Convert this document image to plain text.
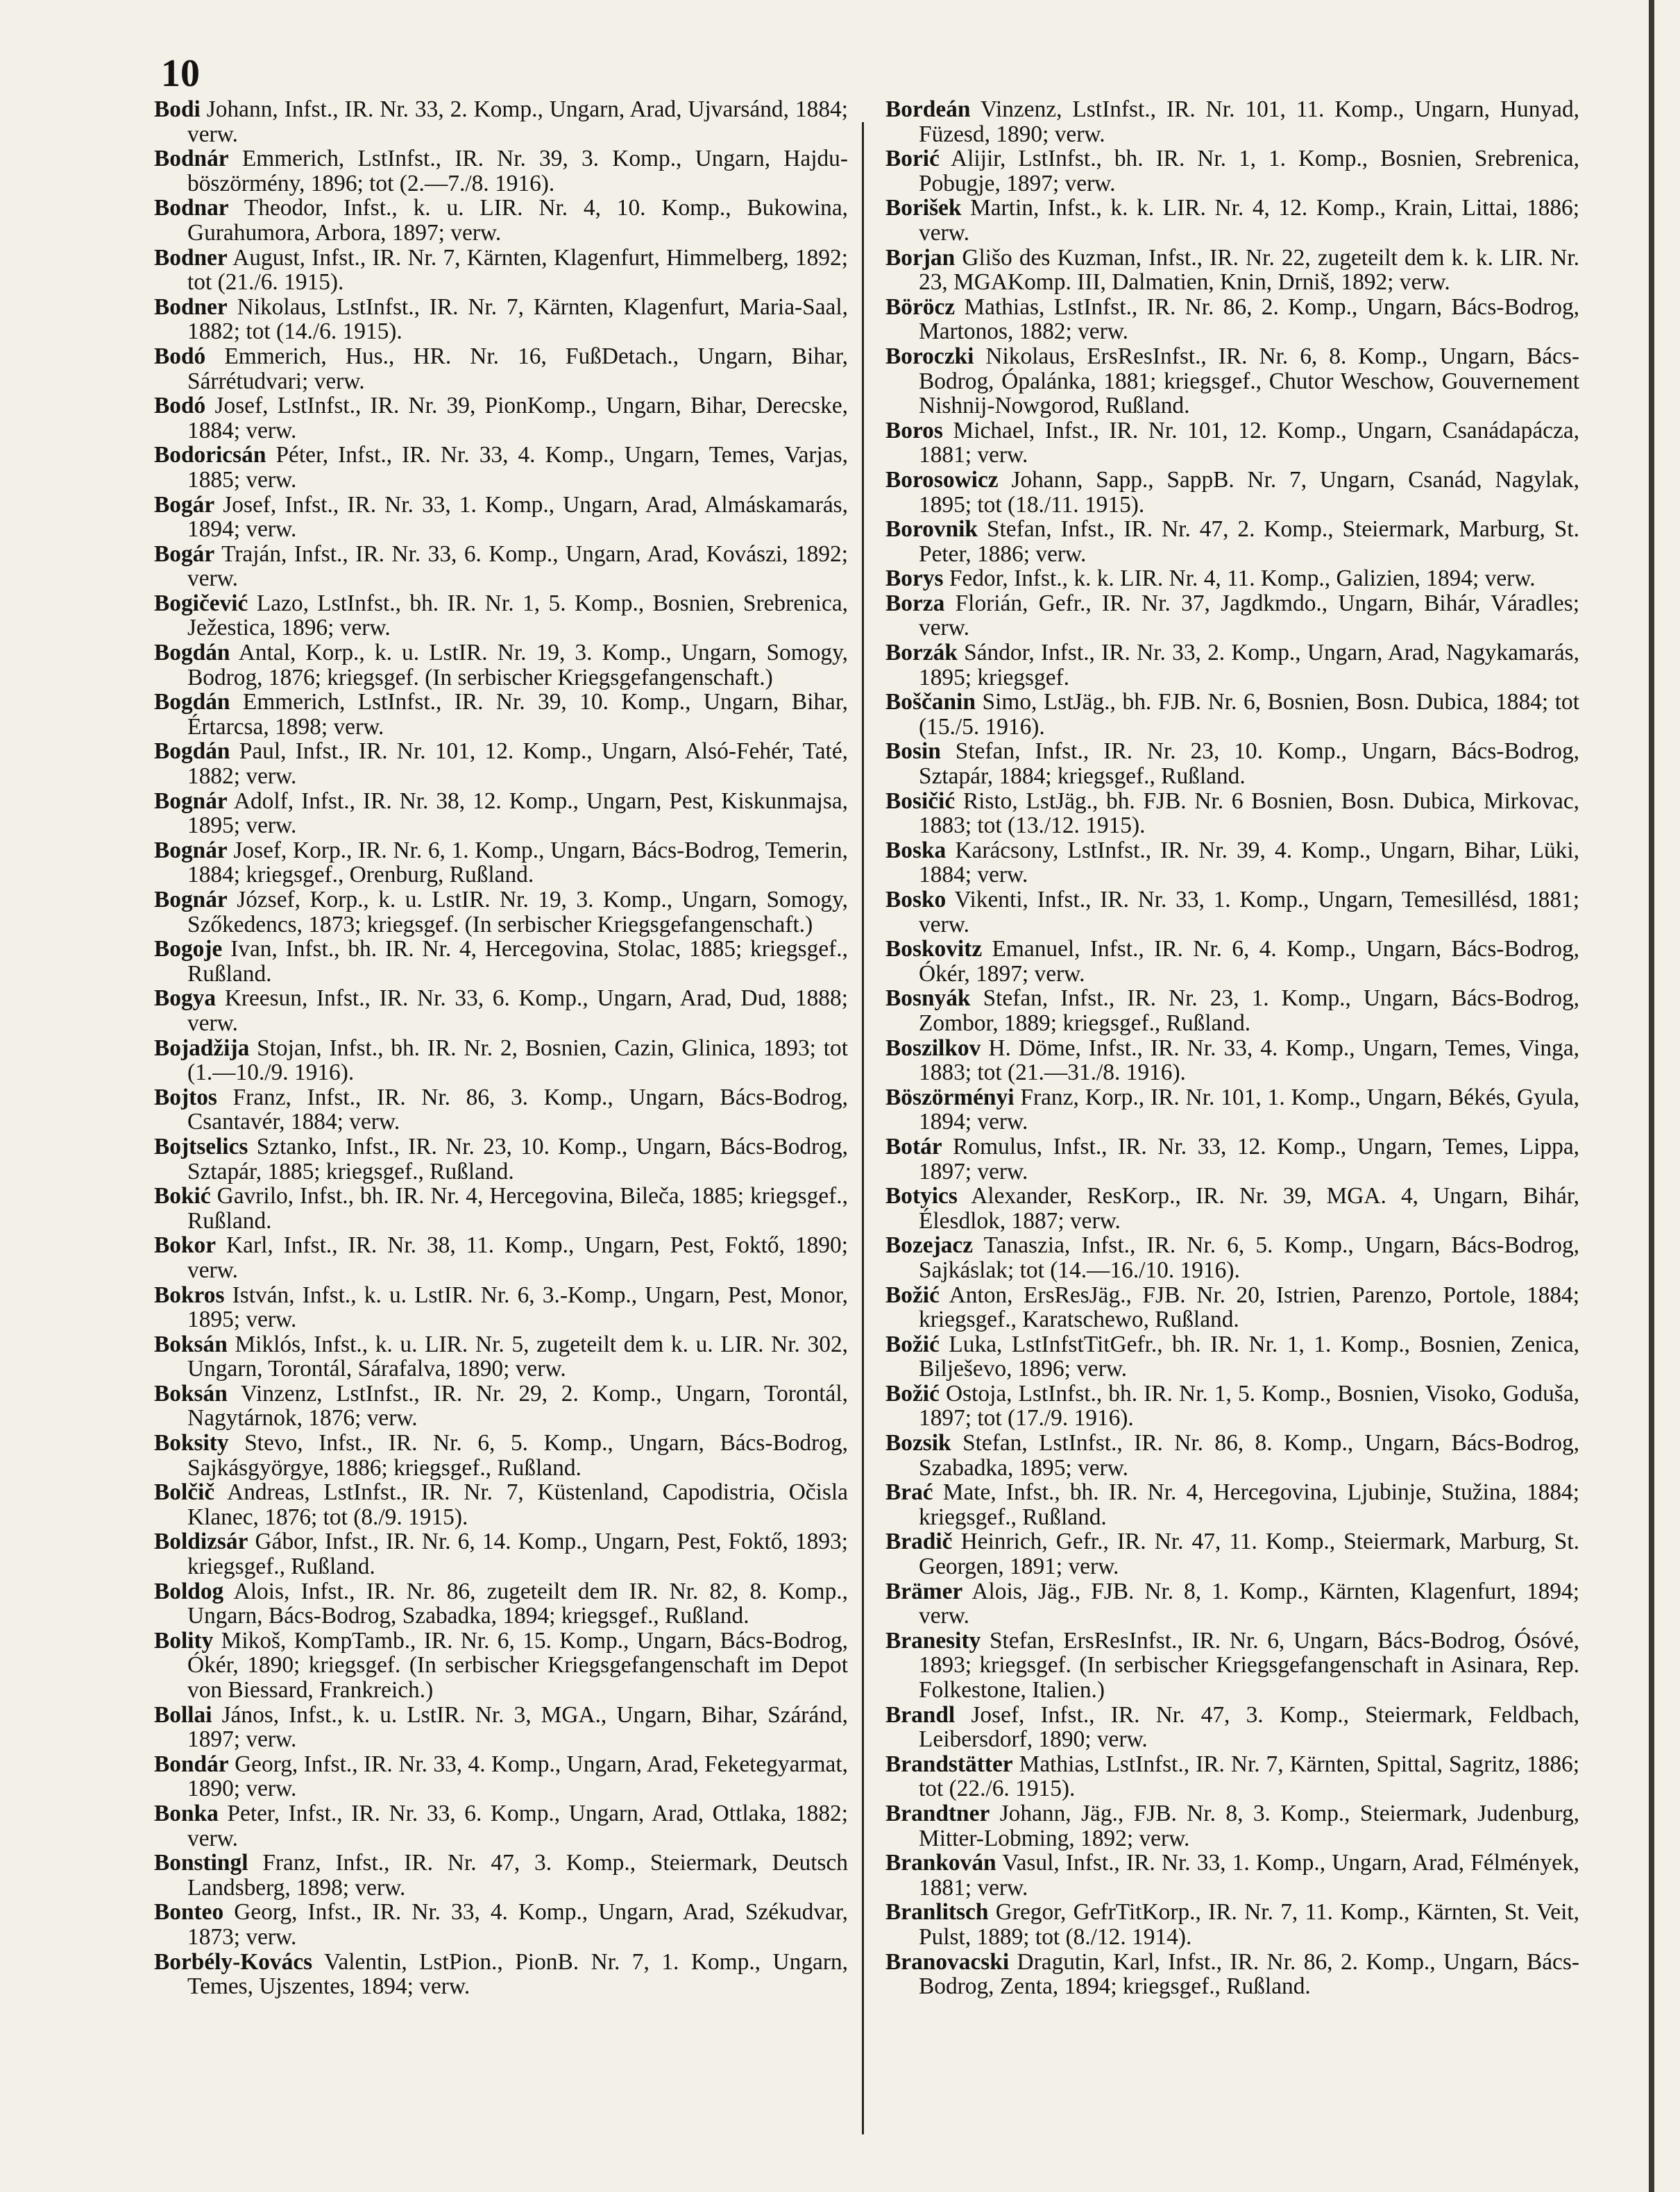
10

Bodi Johann, Infst., IR. Nr. 33, 2. Komp., Ungarn, Arad, Ujvarsánd, 1884; verw.

Bodnár Emmerich, LstInfst., IR. Nr. 39, 3. Komp., Ungarn, Hajdu-böszörmény, 1896; tot (2.—7./8. 1916).

Bodnar Theodor, Infst., k. u. LIR. Nr. 4, 10. Komp., Bukowina, Gurahumora, Arbora, 1897; verw.

Bodner August, Infst., IR. Nr. 7, Kärnten, Klagenfurt, Himmelberg, 1892; tot (21./6. 1915).

Bodner Nikolaus, LstInfst., IR. Nr. 7, Kärnten, Klagenfurt, Maria-Saal, 1882; tot (14./6. 1915).

Bodó Emmerich, Hus., HR. Nr. 16, FußDetach., Ungarn, Bihar, Sárrétudvari; verw.

Bodó Josef, LstInfst., IR. Nr. 39, PionKomp., Ungarn, Bihar, Derecske, 1884; verw.

Bodoricsán Péter, Infst., IR. Nr. 33, 4. Komp., Ungarn, Temes, Varjas, 1885; verw.

Bogár Josef, Infst., IR. Nr. 33, 1. Komp., Ungarn, Arad, Almáskamarás, 1894; verw.

Bogár Traján, Infst., IR. Nr. 33, 6. Komp., Ungarn, Arad, Kovászi, 1892; verw.

Bogičević Lazo, LstInfst., bh. IR. Nr. 1, 5. Komp., Bosnien, Srebrenica, Ježestica, 1896; verw.

Bogdán Antal, Korp., k. u. LstIR. Nr. 19, 3. Komp., Ungarn, Somogy, Bodrog, 1876; kriegsgef. (In serbischer Kriegsgefangenschaft.)

Bogdán Emmerich, LstInfst., IR. Nr. 39, 10. Komp., Ungarn, Bihar, Értarcsa, 1898; verw.

Bogdán Paul, Infst., IR. Nr. 101, 12. Komp., Ungarn, Alsó-Fehér, Taté, 1882; verw.

Bognár Adolf, Infst., IR. Nr. 38, 12. Komp., Ungarn, Pest, Kiskunmajsa, 1895; verw.

Bognár Josef, Korp., IR. Nr. 6, 1. Komp., Ungarn, Bács-Bodrog, Temerin, 1884; kriegsgef., Orenburg, Rußland.

Bognár József, Korp., k. u. LstIR. Nr. 19, 3. Komp., Ungarn, Somogy, Szőkedencs, 1873; kriegsgef. (In serbischer Kriegsgefangenschaft.)

Bogoje Ivan, Infst., bh. IR. Nr. 4, Hercegovina, Stolac, 1885; kriegsgef., Rußland.

Bogya Kreesun, Infst., IR. Nr. 33, 6. Komp., Ungarn, Arad, Dud, 1888; verw.

Bojadžija Stojan, Infst., bh. IR. Nr. 2, Bosnien, Cazin, Glinica, 1893; tot (1.—10./9. 1916).

Bojtos Franz, Infst., IR. Nr. 86, 3. Komp., Ungarn, Bács-Bodrog, Csantavér, 1884; verw.

Bojtselics Sztanko, Infst., IR. Nr. 23, 10. Komp., Ungarn, Bács-Bodrog, Sztapár, 1885; kriegsgef., Rußland.

Bokić Gavrilo, Infst., bh. IR. Nr. 4, Hercegovina, Bileča, 1885; kriegsgef., Rußland.

Bokor Karl, Infst., IR. Nr. 38, 11. Komp., Ungarn, Pest, Foktő, 1890; verw.

Bokros István, Infst., k. u. LstIR. Nr. 6, 3.-Komp., Ungarn, Pest, Monor, 1895; verw.

Boksán Miklós, Infst., k. u. LIR. Nr. 5, zugeteilt dem k. u. LIR. Nr. 302, Ungarn, Torontál, Sárafalva, 1890; verw.

Boksán Vinzenz, LstInfst., IR. Nr. 29, 2. Komp., Ungarn, Torontál, Nagytárnok, 1876; verw.

Boksity Stevo, Infst., IR. Nr. 6, 5. Komp., Ungarn, Bács-Bodrog, Sajkásgyörgye, 1886; kriegsgef., Rußland.

Bolčič Andreas, LstInfst., IR. Nr. 7, Küstenland, Capodistria, Očisla Klanec, 1876; tot (8./9. 1915).

Boldizsár Gábor, Infst., IR. Nr. 6, 14. Komp., Ungarn, Pest, Foktő, 1893; kriegsgef., Rußland.

Boldog Alois, Infst., IR. Nr. 86, zugeteilt dem IR. Nr. 82, 8. Komp., Ungarn, Bács-Bodrog, Szabadka, 1894; kriegsgef., Rußland.

Bolity Mikoš, KompTamb., IR. Nr. 6, 15. Komp., Ungarn, Bács-Bodrog, Ókér, 1890; kriegsgef. (In serbischer Kriegsgefangenschaft im Depot von Biessard, Frankreich.)

Bollai János, Infst., k. u. LstIR. Nr. 3, MGA., Ungarn, Bihar, Száránd, 1897; verw.

Bondár Georg, Infst., IR. Nr. 33, 4. Komp., Ungarn, Arad, Feketegyarmat, 1890; verw.

Bonka Peter, Infst., IR. Nr. 33, 6. Komp., Ungarn, Arad, Ottlaka, 1882; verw.

Bonstingl Franz, Infst., IR. Nr. 47, 3. Komp., Steiermark, Deutsch Landsberg, 1898; verw.

Bonteo Georg, Infst., IR. Nr. 33, 4. Komp., Ungarn, Arad, Székudvar, 1873; verw.

Borbély-Kovács Valentin, LstPion., PionB. Nr. 7, 1. Komp., Ungarn, Temes, Ujszentes, 1894; verw.

Bordeán Vinzenz, LstInfst., IR. Nr. 101, 11. Komp., Ungarn, Hunyad, Füzesd, 1890; verw.

Borić Alijir, LstInfst., bh. IR. Nr. 1, 1. Komp., Bosnien, Srebrenica, Pobugje, 1897; verw.

Borišek Martin, Infst., k. k. LIR. Nr. 4, 12. Komp., Krain, Littai, 1886; verw.

Borjan Glišo des Kuzman, Infst., IR. Nr. 22, zugeteilt dem k. k. LIR. Nr. 23, MGAKomp. III, Dalmatien, Knin, Drniš, 1892; verw.

Böröcz Mathias, LstInfst., IR. Nr. 86, 2. Komp., Ungarn, Bács-Bodrog, Martonos, 1882; verw.

Boroczki Nikolaus, ErsResInfst., IR. Nr. 6, 8. Komp., Ungarn, Bács-Bodrog, Ópalánka, 1881; kriegsgef., Chutor Weschow, Gouvernement Nishnij-Nowgorod, Rußland.

Boros Michael, Infst., IR. Nr. 101, 12. Komp., Ungarn, Csanádapácza, 1881; verw.

Borosowicz Johann, Sapp., SappB. Nr. 7, Ungarn, Csanád, Nagylak, 1895; tot (18./11. 1915).

Borovnik Stefan, Infst., IR. Nr. 47, 2. Komp., Steiermark, Marburg, St. Peter, 1886; verw.

Borys Fedor, Infst., k. k. LIR. Nr. 4, 11. Komp., Galizien, 1894; verw.

Borza Florián, Gefr., IR. Nr. 37, Jagdkmdo., Ungarn, Bihár, Váradles; verw.

Borzák Sándor, Infst., IR. Nr. 33, 2. Komp., Ungarn, Arad, Nagykamarás, 1895; kriegsgef.

Boščanin Simo, LstJäg., bh. FJB. Nr. 6, Bosnien, Bosn. Dubica, 1884; tot (15./5. 1916).

Bosin Stefan, Infst., IR. Nr. 23, 10. Komp., Ungarn, Bács-Bodrog, Sztapár, 1884; kriegsgef., Rußland.

Bosičić Risto, LstJäg., bh. FJB. Nr. 6 Bosnien, Bosn. Dubica, Mirkovac, 1883; tot (13./12. 1915).

Boska Karácsony, LstInfst., IR. Nr. 39, 4. Komp., Ungarn, Bihar, Lüki, 1884; verw.

Bosko Vikenti, Infst., IR. Nr. 33, 1. Komp., Ungarn, Temesillésd, 1881; verw.

Boskovitz Emanuel, Infst., IR. Nr. 6, 4. Komp., Ungarn, Bács-Bodrog, Ókér, 1897; verw.

Bosnyák Stefan, Infst., IR. Nr. 23, 1. Komp., Ungarn, Bács-Bodrog, Zombor, 1889; kriegsgef., Rußland.

Boszilkov H. Döme, Infst., IR. Nr. 33, 4. Komp., Ungarn, Temes, Vinga, 1883; tot (21.—31./8. 1916).

Böszörményi Franz, Korp., IR. Nr. 101, 1. Komp., Ungarn, Békés, Gyula, 1894; verw.

Botár Romulus, Infst., IR. Nr. 33, 12. Komp., Ungarn, Temes, Lippa, 1897; verw.

Botyics Alexander, ResKorp., IR. Nr. 39, MGA. 4, Ungarn, Bihár, Élesdlok, 1887; verw.

Bozejacz Tanaszia, Infst., IR. Nr. 6, 5. Komp., Ungarn, Bács-Bodrog, Sajkáslak; tot (14.—16./10. 1916).

Božić Anton, ErsResJäg., FJB. Nr. 20, Istrien, Parenzo, Portole, 1884; kriegsgef., Karatschewo, Rußland.

Božić Luka, LstInfstTitGefr., bh. IR. Nr. 1, 1. Komp., Bosnien, Zenica, Bilješevo, 1896; verw.

Božić Ostoja, LstInfst., bh. IR. Nr. 1, 5. Komp., Bosnien, Visoko, Goduša, 1897; tot (17./9. 1916).

Bozsik Stefan, LstInfst., IR. Nr. 86, 8. Komp., Ungarn, Bács-Bodrog, Szabadka, 1895; verw.

Brać Mate, Infst., bh. IR. Nr. 4, Hercegovina, Ljubinje, Stužina, 1884; kriegsgef., Rußland.

Bradič Heinrich, Gefr., IR. Nr. 47, 11. Komp., Steiermark, Marburg, St. Georgen, 1891; verw.

Brämer Alois, Jäg., FJB. Nr. 8, 1. Komp., Kärnten, Klagenfurt, 1894; verw.

Branesity Stefan, ErsResInfst., IR. Nr. 6, Ungarn, Bács-Bodrog, Ósóvé, 1893; kriegsgef. (In serbischer Kriegsgefangenschaft in Asinara, Rep. Folkestone, Italien.)

Brandl Josef, Infst., IR. Nr. 47, 3. Komp., Steiermark, Feldbach, Leibersdorf, 1890; verw.

Brandstätter Mathias, LstInfst., IR. Nr. 7, Kärnten, Spittal, Sagritz, 1886; tot (22./6. 1915).

Brandtner Johann, Jäg., FJB. Nr. 8, 3. Komp., Steiermark, Judenburg, Mitter-Lobming, 1892; verw.

Brankován Vasul, Infst., IR. Nr. 33, 1. Komp., Ungarn, Arad, Félmények, 1881; verw.

Branlitsch Gregor, GefrTitKorp., IR. Nr. 7, 11. Komp., Kärnten, St. Veit, Pulst, 1889; tot (8./12. 1914).

Branovacski Dragutin, Karl, Infst., IR. Nr. 86, 2. Komp., Ungarn, Bács-Bodrog, Zenta, 1894; kriegsgef., Rußland.
